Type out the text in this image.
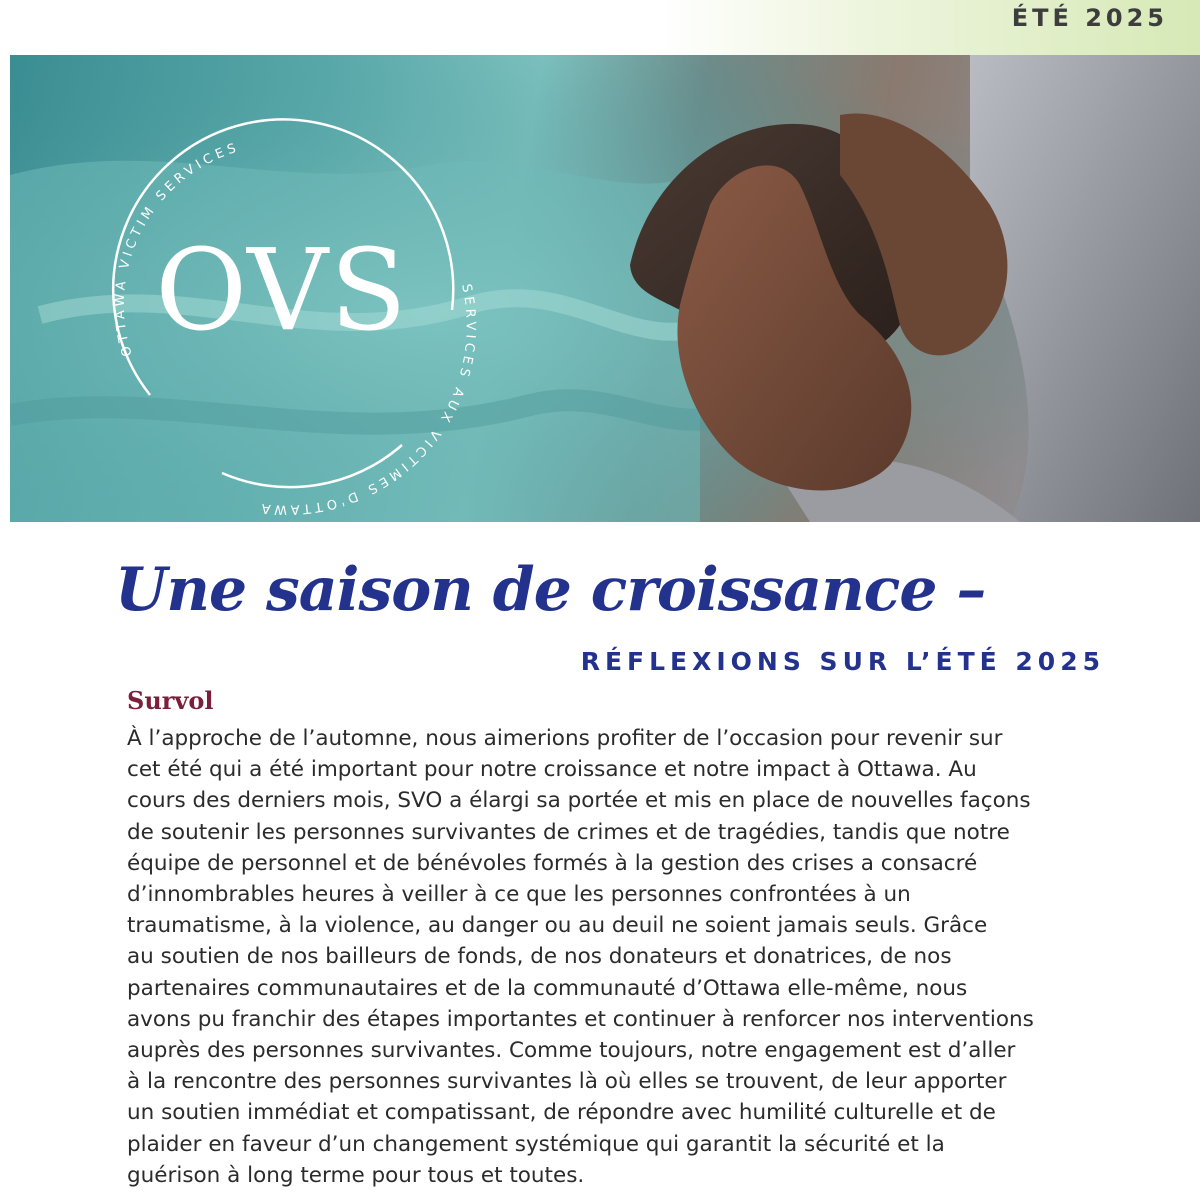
ÉTÉ 2025
OTTAWA VICTIM SERVICES
SERVICES AUX VICTIMES D'OTTAWA
OVS
Une saison de croissance –
RÉFLEXIONS SUR L’ÉTÉ 2025
Survol
À l’approche de l’automne, nous aimerions profiter de l’occasion pour revenir sur
cet été qui a été important pour notre croissance et notre impact à Ottawa. Au
cours des derniers mois, SVO a élargi sa portée et mis en place de nouvelles façons
de soutenir les personnes survivantes de crimes et de tragédies, tandis que notre
équipe de personnel et de bénévoles formés à la gestion des crises a consacré
d’innombrables heures à veiller à ce que les personnes confrontées à un
traumatisme, à la violence, au danger ou au deuil ne soient jamais seuls. Grâce
au soutien de nos bailleurs de fonds, de nos donateurs et donatrices, de nos
partenaires communautaires et de la communauté d’Ottawa elle-même, nous
avons pu franchir des étapes importantes et continuer à renforcer nos interventions
auprès des personnes survivantes. Comme toujours, notre engagement est d’aller
à la rencontre des personnes survivantes là où elles se trouvent, de leur apporter
un soutien immédiat et compatissant, de répondre avec humilité culturelle et de
plaider en faveur d’un changement systémique qui garantit la sécurité et la
guérison à long terme pour tous et toutes.
